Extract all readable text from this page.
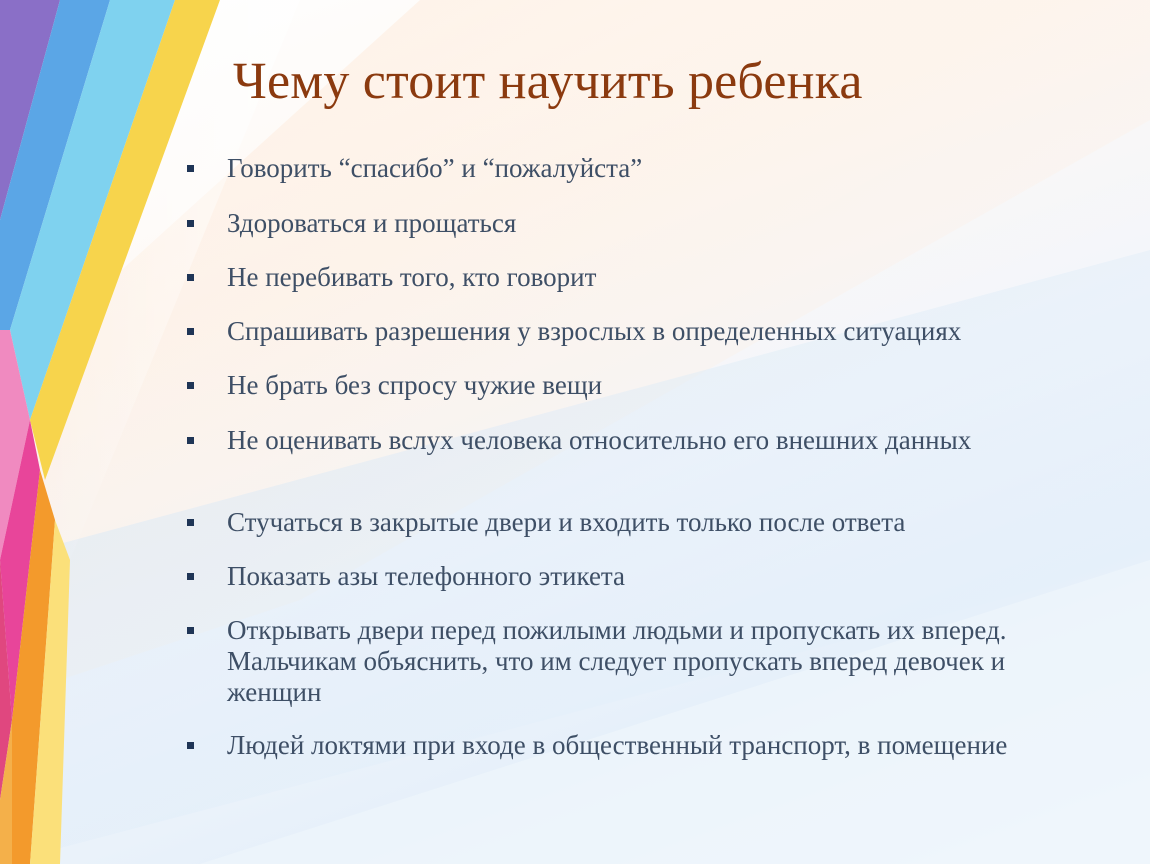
Чему стоит научить ребенка
Говорить “спасибо” и “пожалуйста”
Здороваться и прощаться
Не перебивать того, кто говорит
Спрашивать разрешения у взрослых в определенных ситуациях
Не брать без спросу чужие вещи
Не оценивать вслух человека относительно его внешних данных
Стучаться в закрытые двери и входить только после ответа
Показать азы телефонного этикета
Открывать двери перед пожилыми людьми и пропускать их вперед. Мальчикам объяснить, что им следует пропускать вперед девочек и женщин
Людей локтями при входе в общественный транспорт, в помещение
